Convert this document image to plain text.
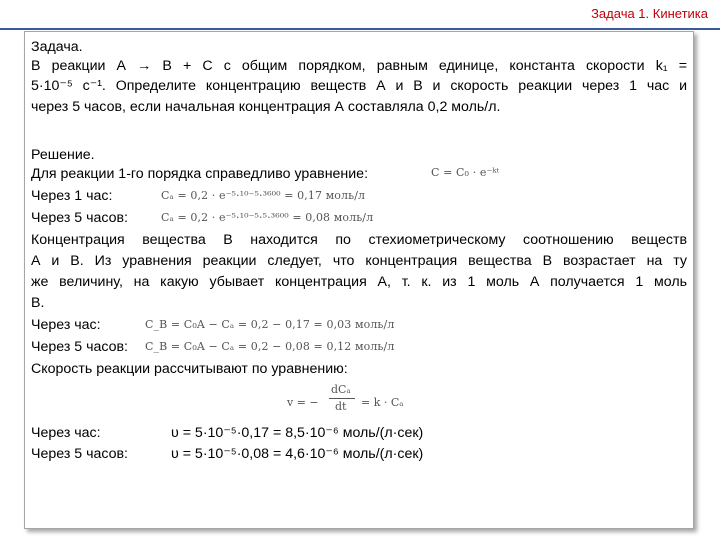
Задача 1. Кинетика
Задача.
В реакции А → В + С с общим порядком, равным единице, константа скорости k₁ =
5·10⁻⁵ с⁻¹. Определите концентрацию веществ А и В и скорость реакции через 1 час и
через 5 часов, если начальная концентрация А составляла 0,2 моль/л.
Решение.
Для реакции 1-го порядка справедливо уравнение:	C = C₀ · e⁻ᵏᵗ
Через 1 час:	Cₐ = 0,2 · e⁻⁵·¹⁰⁻⁵·³⁶⁰⁰ = 0,17 моль/л
Через 5 часов:	Cₐ = 0,2 · e⁻⁵·¹⁰⁻⁵·⁵·³⁶⁰⁰ = 0,08 моль/л
Концентрация вещества В находится по стехиометрическому соотношению веществ
А и В. Из уравнения реакции следует, что концентрация вещества В возрастает на ту
же величину, на какую убывает концентрация А, т. к. из 1 моль А получается 1 моль
В.
Через час:	C_B = C₀A − Cₐ = 0,2 − 0,17 = 0,03 моль/л
Через 5 часов: C_B = C₀A − Cₐ = 0,2 − 0,08 = 0,12 моль/л
Скорость реакции рассчитывают по уравнению:
v = −
dCₐ
dt = k · Cₐ
Через час:	υ = 5·10⁻⁵·0,17 = 8,5·10⁻⁶ моль/(л·сек)
Через 5 часов:	υ = 5·10⁻⁵·0,08 = 4,6·10⁻⁶ моль/(л·сек)
